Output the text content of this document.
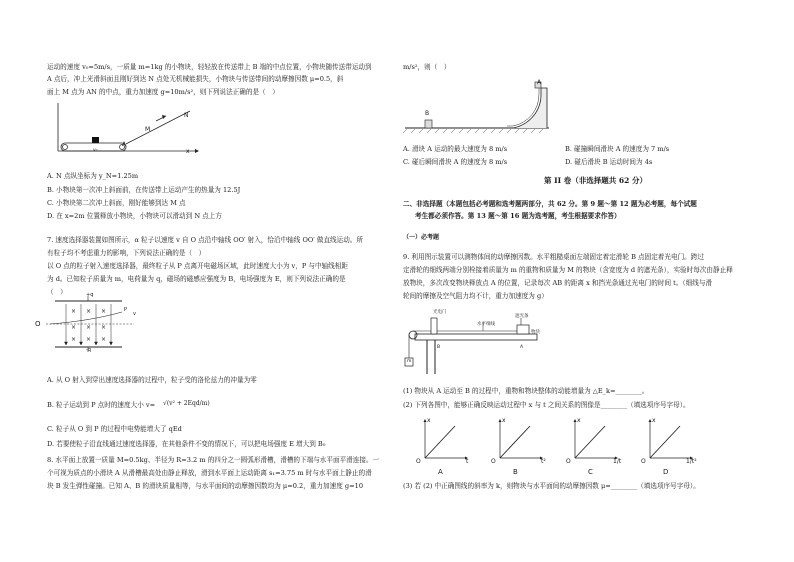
运动的速度 v₀=5m/s，一质量 m=1kg 的小物块，轻轻放在传送带上 B 端的中点位置，小物块随传送带运动到
A 点后，冲上光滑斜面且刚好到达 N 点处无机械能损失，小物块与传送带间的动摩擦因数 μ=0.5，斜
面上 M 点为 AN 的中点，重力加速度 g=10m/s²，则下列说法正确的是（　）
N
M
A
x
v₀
A. N 点纵坐标为 y_N=1.25m
B. 小物块第一次冲上斜面前，在传送带上运动产生的热量为 12.5J
C. 小物块第二次冲上斜面，刚好能够到达 M 点
D. 在 x=2m 位置释放小物块，小物块可以滑动到 N 点上方
7. 速度选择器装置如图所示，α 粒子以速度 v 自 O 点沿中轴线 OO′ 射入，恰沿中轴线 OO′ 做直线运动。所
有粒子均不考虑重力的影响，下列说法正确的是（　）
以 O 点的粒子射入速度选择器，最终粒子从 P 点离开电磁场区域，此时速度大小为 v，P 与中轴线相距
为 d。已知粒子质量为 m，电荷量为 q，磁场的磁感应强度为 B，电场强度为 E，则下列说法正确的是
（　）
× × ×
× × ×
× × ×
+q
-q
O
P
v
A. 从 O 射入到穿出速度选择器的过程中，粒子受的洛伦兹力的冲量为零
B. 粒子运动到 P 点时的速度大小 v= √(v² + 2Eqd/m)
C. 粒子从 O 到 P 的过程中电势能增大了 qEd
D. 若要使粒子沿直线通过速度选择器，在其他条件不变的情况下，可以把电场强度 E 增大到 B₀
8. 水平面上放置一质量 M=0.5kg、半径为 R=3.2 m 的四分之一圆弧形滑槽，滑槽的下端与水平面平滑连接。一
个可视为质点的小滑块 A 从滑槽最高处由静止释放，滑到水平面上运动距离 s₁=3.75 m 时与水平面上静止的滑
块 B 发生弹性碰撞。已知 A、B 的滑块质量相等，与水平面间的动摩擦因数均为 μ=0.2，重力加速度 g=10
m/s²，则（　）
A
B
A. 滑块 A 运动的最大速度为 8 m/s	B. 碰撞瞬间滑块 A 的速度为 7 m/s
C. 碰后瞬间滑块 A 的速度为 8 m/s	D. 碰后滑块 B 运动时间为 4s
第 II 卷（非选择题共 62 分）
二、非选择题（本题包括必考题和选考题两部分，共 62 分。第 9 题～第 12 题为必考题，每个试题
考生都必须作答。第 13 题～第 16 题为选考题，考生根据要求作答）
（一）必考题
9. 利用图示装置可以测物体间的动摩擦因数。水平粗糙桌面左端固定着定滑轮 B 点固定着光电门。跨过
定滑轮的细线两端分别栓接着质量为 m 的重物和质量为 M 的物块（含宽度为 d 的遮光条），实验时每次由静止释
放物块，多次改变物块释放点 A 的位置，记录每次 AB 的距离 x 和挡光条通过光电门的时间 t。（细线与滑
轮间的摩擦及空气阻力均不计，重力加速度为 g）
光电门
水平细线
遮光条
物块
B	A
m
(1) 物块从 A 运动至 B 的过程中，重物和物块整体的动能增量为 △E_k=________。
(2) 下列各图中，能够正确反映运动过程中 x 与 t 之间关系的图像是________（填选项序号字母）。
x
t
O
A
x
t²
O
B
x
1/t
O
C
x
1/t²
O
D
(3) 若 (2) 中正确图线的斜率为 k，则物块与水平面间的动摩擦因数 μ=________（填选项序号字母）。
